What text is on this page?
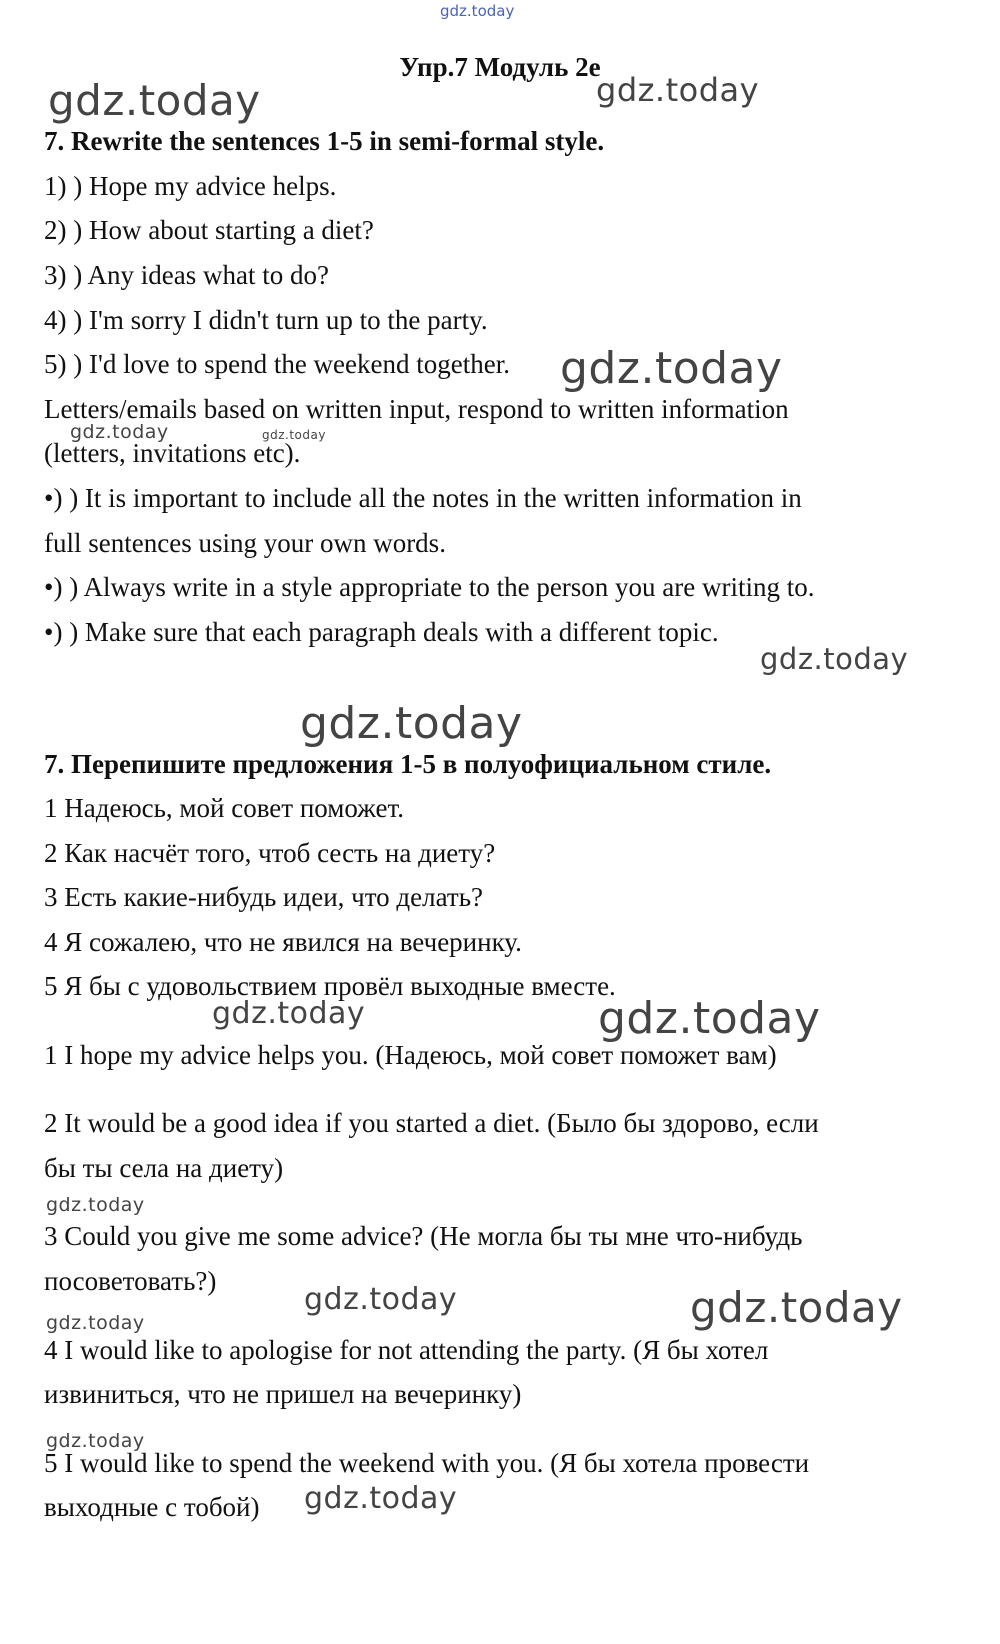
gdz.today
gdz.today	gdz.today
gdz.today
gdz.today	gdz.today
gdz.today
gdz.today
gdz.today	gdz.today
gdz.today
gdz.today	gdz.today
gdz.today
gdz.today
gdz.today
Упр.7 Модуль 2е
7. Rewrite the sentences 1-5 in semi-formal style.
1) ) Hope my advice helps.
2) ) How about starting a diet?
3) ) Any ideas what to do?
4) ) I'm sorry I didn't turn up to the party.
5) ) I'd love to spend the weekend together.
Letters/emails based on written input, respond to written information
(letters, invitations etc).
•) ) It is important to include all the notes in the written information in
full sentences using your own words.
•) ) Always write in a style appropriate to the person you are writing to.
•) ) Make sure that each paragraph deals with a different topic.
7. Перепишите предложения 1-5 в полуофициальном стиле.
1 Надеюсь, мой совет поможет.
2 Как насчёт того, чтоб сесть на диету?
3 Есть какие-нибудь идеи, что делать?
4 Я сожалею, что не явился на вечеринку.
5 Я бы с удовольствием провёл выходные вместе.
1 I hope my advice helps you. (Надеюсь, мой совет поможет вам)
2 It would be a good idea if you started a diet. (Было бы здорово, если
бы ты села на диету)
3 Could you give me some advice? (Не могла бы ты мне что-нибудь
посоветовать?)
4 I would like to apologise for not attending the party. (Я бы хотел
извиниться, что не пришел на вечеринку)
5 I would like to spend the weekend with you. (Я бы хотела провести
выходные с тобой)
